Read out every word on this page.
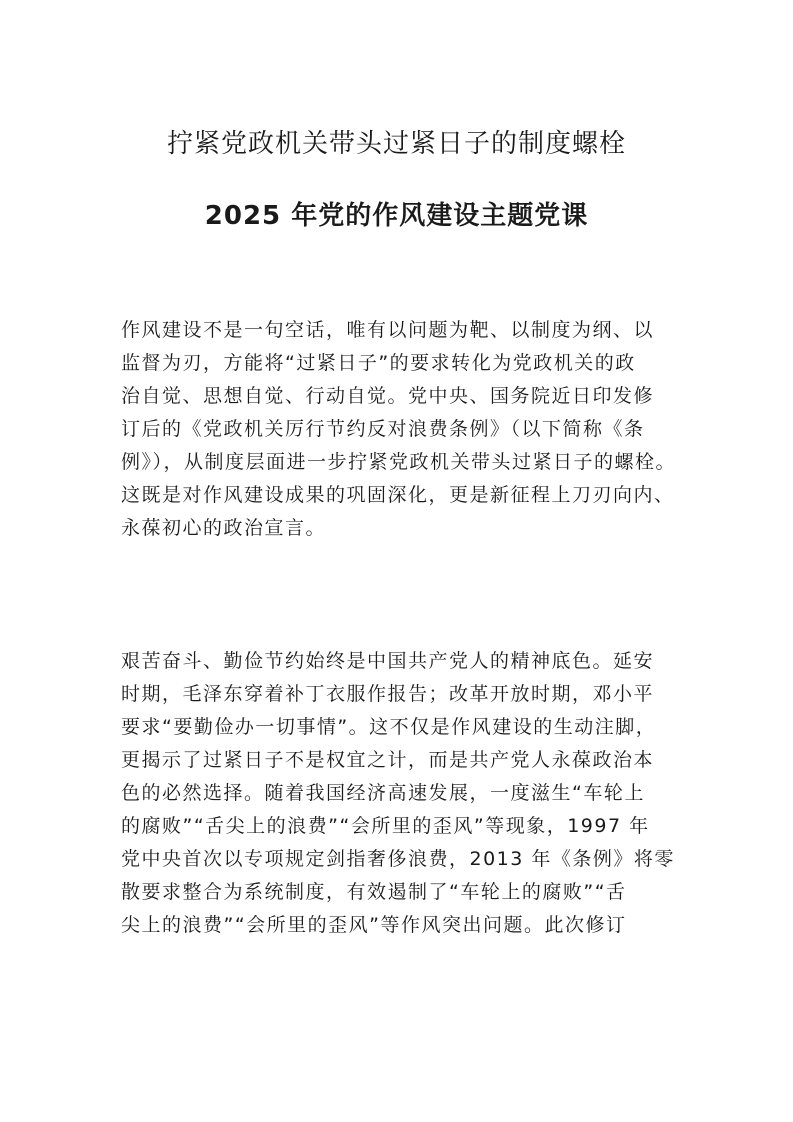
拧紧党政机关带头过紧日子的制度螺栓
2025 年党的作风建设主题党课
作风建设不是一句空话，唯有以问题为靶、以制度为纲、以
监督为刃，方能将“过紧日子”的要求转化为党政机关的政
治自觉、思想自觉、行动自觉。党中央、国务院近日印发修
订后的《党政机关厉行节约反对浪费条例》（以下简称《条
例》），从制度层面进一步拧紧党政机关带头过紧日子的螺栓。
这既是对作风建设成果的巩固深化，更是新征程上刀刃向内、
永葆初心的政治宣言。
艰苦奋斗、勤俭节约始终是中国共产党人的精神底色。延安
时期，毛泽东穿着补丁衣服作报告；改革开放时期，邓小平
要求“要勤俭办一切事情”。这不仅是作风建设的生动注脚，
更揭示了过紧日子不是权宜之计，而是共产党人永葆政治本
色的必然选择。随着我国经济高速发展，一度滋生“车轮上
的腐败”“舌尖上的浪费”“会所里的歪风”等现象，1997 年
党中央首次以专项规定剑指奢侈浪费，2013 年《条例》将零
散要求整合为系统制度，有效遏制了“车轮上的腐败”“舌
尖上的浪费”“会所里的歪风”等作风突出问题。此次修订
